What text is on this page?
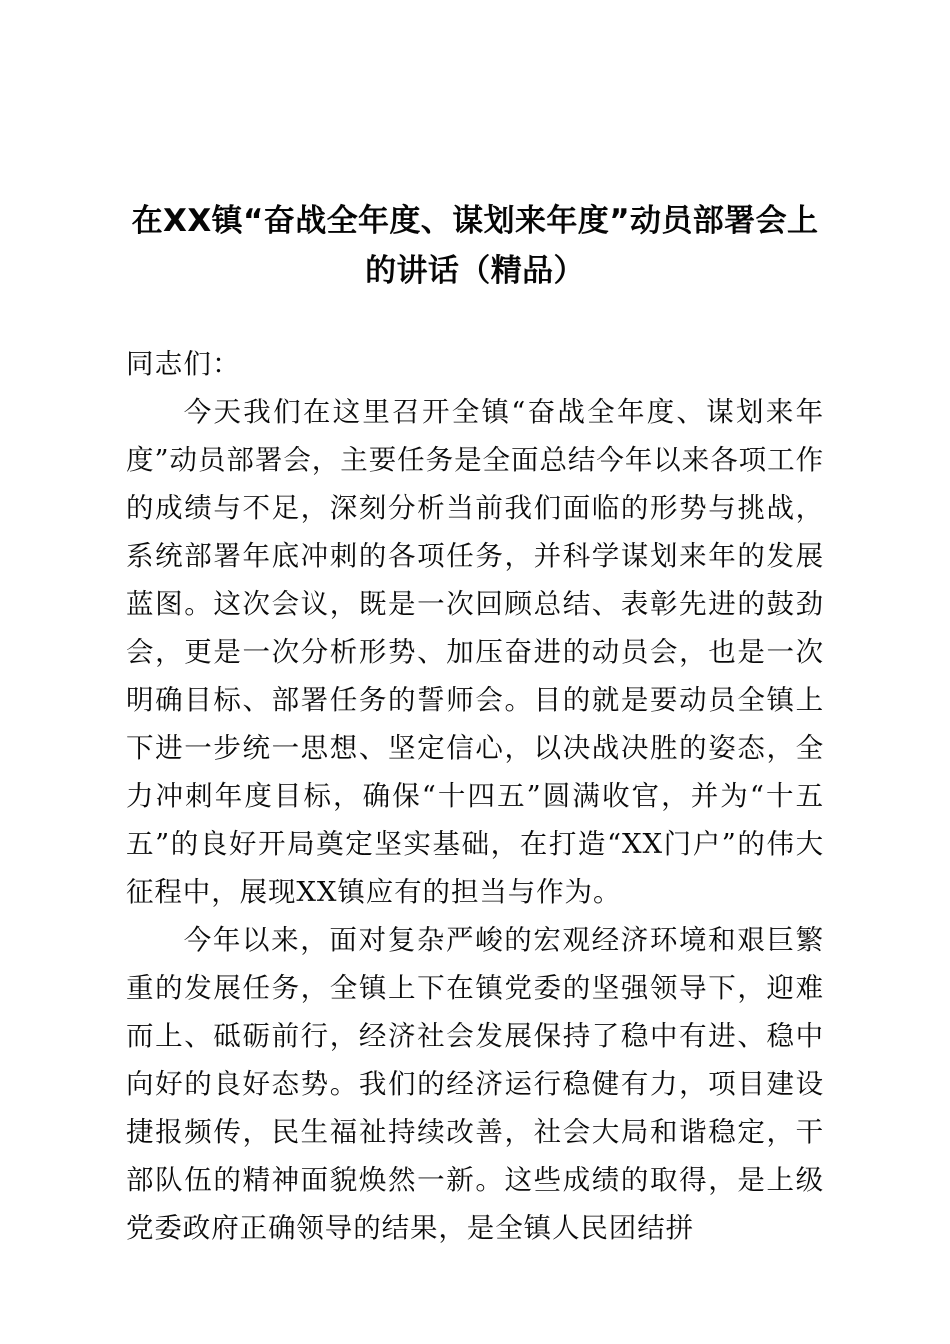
在XX镇“奋战全年度、谋划来年度”动员部署会上的讲话（精品）

同志们：

今天我们在这里召开全镇“奋战全年度、谋划来年度”动员部署会，主要任务是全面总结今年以来各项工作的成绩与不足，深刻分析当前我们面临的形势与挑战，系统部署年底冲刺的各项任务，并科学谋划来年的发展蓝图。这次会议，既是一次回顾总结、表彰先进的鼓劲会，更是一次分析形势、加压奋进的动员会，也是一次明确目标、部署任务的誓师会。目的就是要动员全镇上下进一步统一思想、坚定信心，以决战决胜的姿态，全力冲刺年度目标，确保“十四五”圆满收官，并为“十五五”的良好开局奠定坚实基础，在打造“XX门户”的伟大征程中，展现XX镇应有的担当与作为。

今年以来，面对复杂严峻的宏观经济环境和艰巨繁重的发展任务，全镇上下在镇党委的坚强领导下，迎难而上、砥砺前行，经济社会发展保持了稳中有进、稳中向好的良好态势。我们的经济运行稳健有力，项目建设捷报频传，民生福祉持续改善，社会大局和谐稳定，干部队伍的精神面貌焕然一新。这些成绩的取得，是上级党委政府正确领导的结果，是全镇人民团结拼
